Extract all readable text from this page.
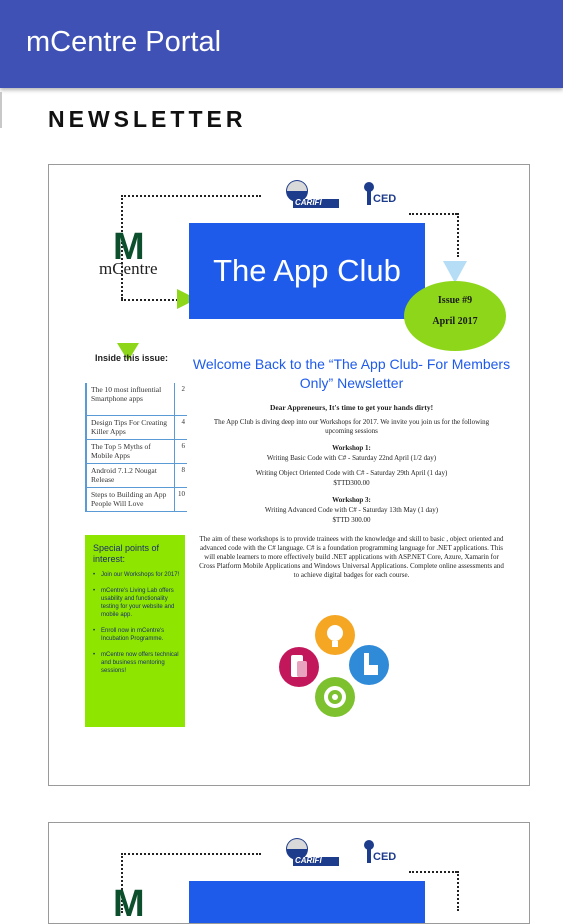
mCentre Portal
NEWSLETTER
CARIFI	CED
M
mCentre The App Club
Issue #9
April 2017
Inside this issue:
The 10 most influential Smartphone apps
2
Design Tips For Creating Killer Apps
4
The Top 5 Myths of Mobile Apps
6
Android 7.1.2 Nougat Release
8
Steps to Building an App People Will Love
10
Special points of interest:
• Join our Workshops for 2017!
• mCentre's Living Lab offers usability and functionality testing for your website and mobile app.
• Enroll now in mCentre's Incubation Programme.
• mCentre now offers technical and business mentoring sessions!
Welcome Back to the “The App Club- For Members Only” Newsletter

Dear Appreneurs, It's time to get your hands dirty!

The App Club is diving deep into our Workshops for 2017. We invite you join us for the following upcoming sessions

Workshop 1:

Writing Basic Code with C# - Saturday 22nd April (1/2 day)

Writing Object Oriented Code with C# - Saturday 29th April (1 day)

$TTD300.00

Workshop 3:

Writing Advanced Code with C# - Saturday 13th May (1 day)

$TTD 300.00

The aim of these workshops is to provide trainees with the knowledge and skill to basic , object oriented and advanced code with the C# language. C# is a foundation programming language for .NET applications. This will enable learners to more effectively build .NET applications with ASP.NET Core, Azure, Xamarin for Cross Platform Mobile Applications and Windows Universal Applications. Complete online assessments and to achieve digital badges for each course.

CARIFI	CED
M
